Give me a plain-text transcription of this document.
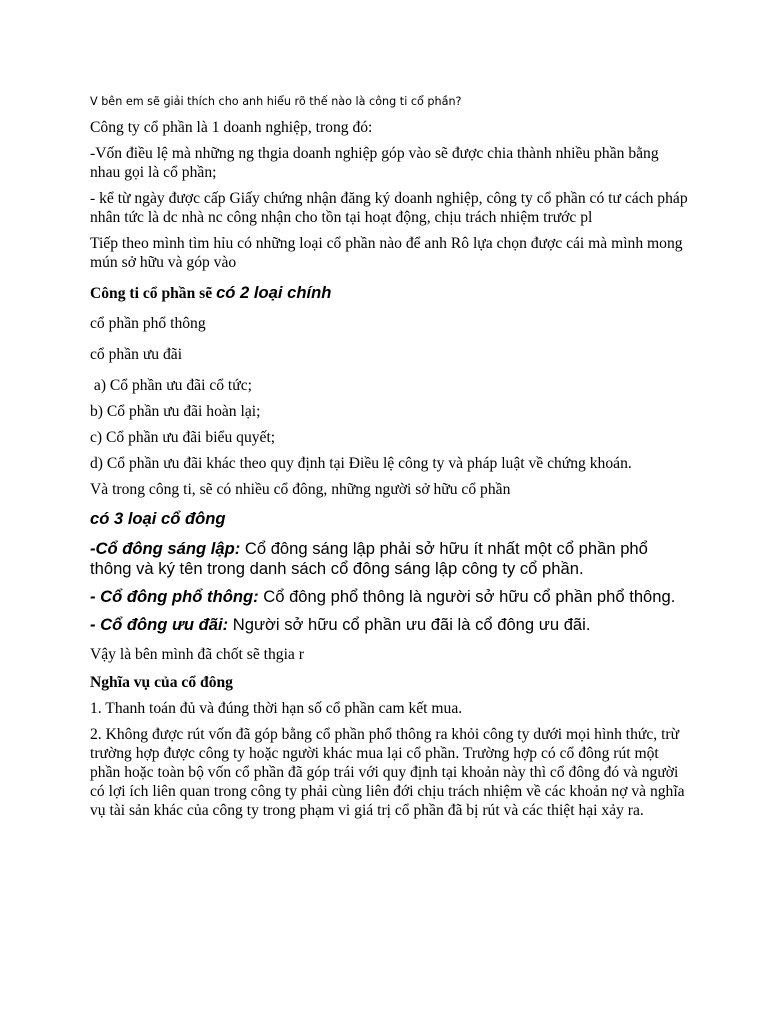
V bên em sẽ giải thích cho anh hiểu rõ thế nào là công ti cổ phần?

Công ty cổ phần là 1 doanh nghiệp, trong đó:

-Vốn điều lệ mà những ng thgia doanh nghiệp góp vào sẽ được chia thành nhiều phần bằng nhau gọi là cổ phần;

- kể từ ngày được cấp Giấy chứng nhận đăng ký doanh nghiệp, công ty cổ phần có tư cách pháp nhân tức là dc nhà nc công nhận cho tồn tại hoạt động, chịu trách nhiệm trước pl

Tiếp theo mình tìm hỉu có những loại cổ phần nào để anh Rô lựa chọn được cái mà mình mong mún sở hữu và góp vào

Công ti cổ phần sẽ có 2 loại chính

cổ phần phổ thông

cổ phần ưu đãi

a) Cổ phần ưu đãi cổ tức;

b) Cổ phần ưu đãi hoàn lại;

c) Cổ phần ưu đãi biểu quyết;

d) Cổ phần ưu đãi khác theo quy định tại Điều lệ công ty và pháp luật về chứng khoán.

Và trong công ti, sẽ có nhiều cổ đông, những người sở hữu cổ phần

có 3 loại cổ đông

-Cổ đông sáng lập: Cổ đông sáng lập phải sở hữu ít nhất một cổ phần phổ thông và ký tên trong danh sách cổ đông sáng lập công ty cổ phần.

- Cổ đông phổ thông: Cổ đông phổ thông là người sở hữu cổ phần phổ thông.

- Cổ đông ưu đãi: Người sở hữu cổ phần ưu đãi là cổ đông ưu đãi.

Vậy là bên mình đã chốt sẽ thgia r

Nghĩa vụ của cổ đông

1. Thanh toán đủ và đúng thời hạn số cổ phần cam kết mua.

2. Không được rút vốn đã góp bằng cổ phần phổ thông ra khỏi công ty dưới mọi hình thức, trừ trường hợp được công ty hoặc người khác mua lại cổ phần. Trường hợp có cổ đông rút một phần hoặc toàn bộ vốn cổ phần đã góp trái với quy định tại khoản này thì cổ đông đó và người có lợi ích liên quan trong công ty phải cùng liên đới chịu trách nhiệm về các khoản nợ và nghĩa vụ tài sản khác của công ty trong phạm vi giá trị cổ phần đã bị rút và các thiệt hại xảy ra.
